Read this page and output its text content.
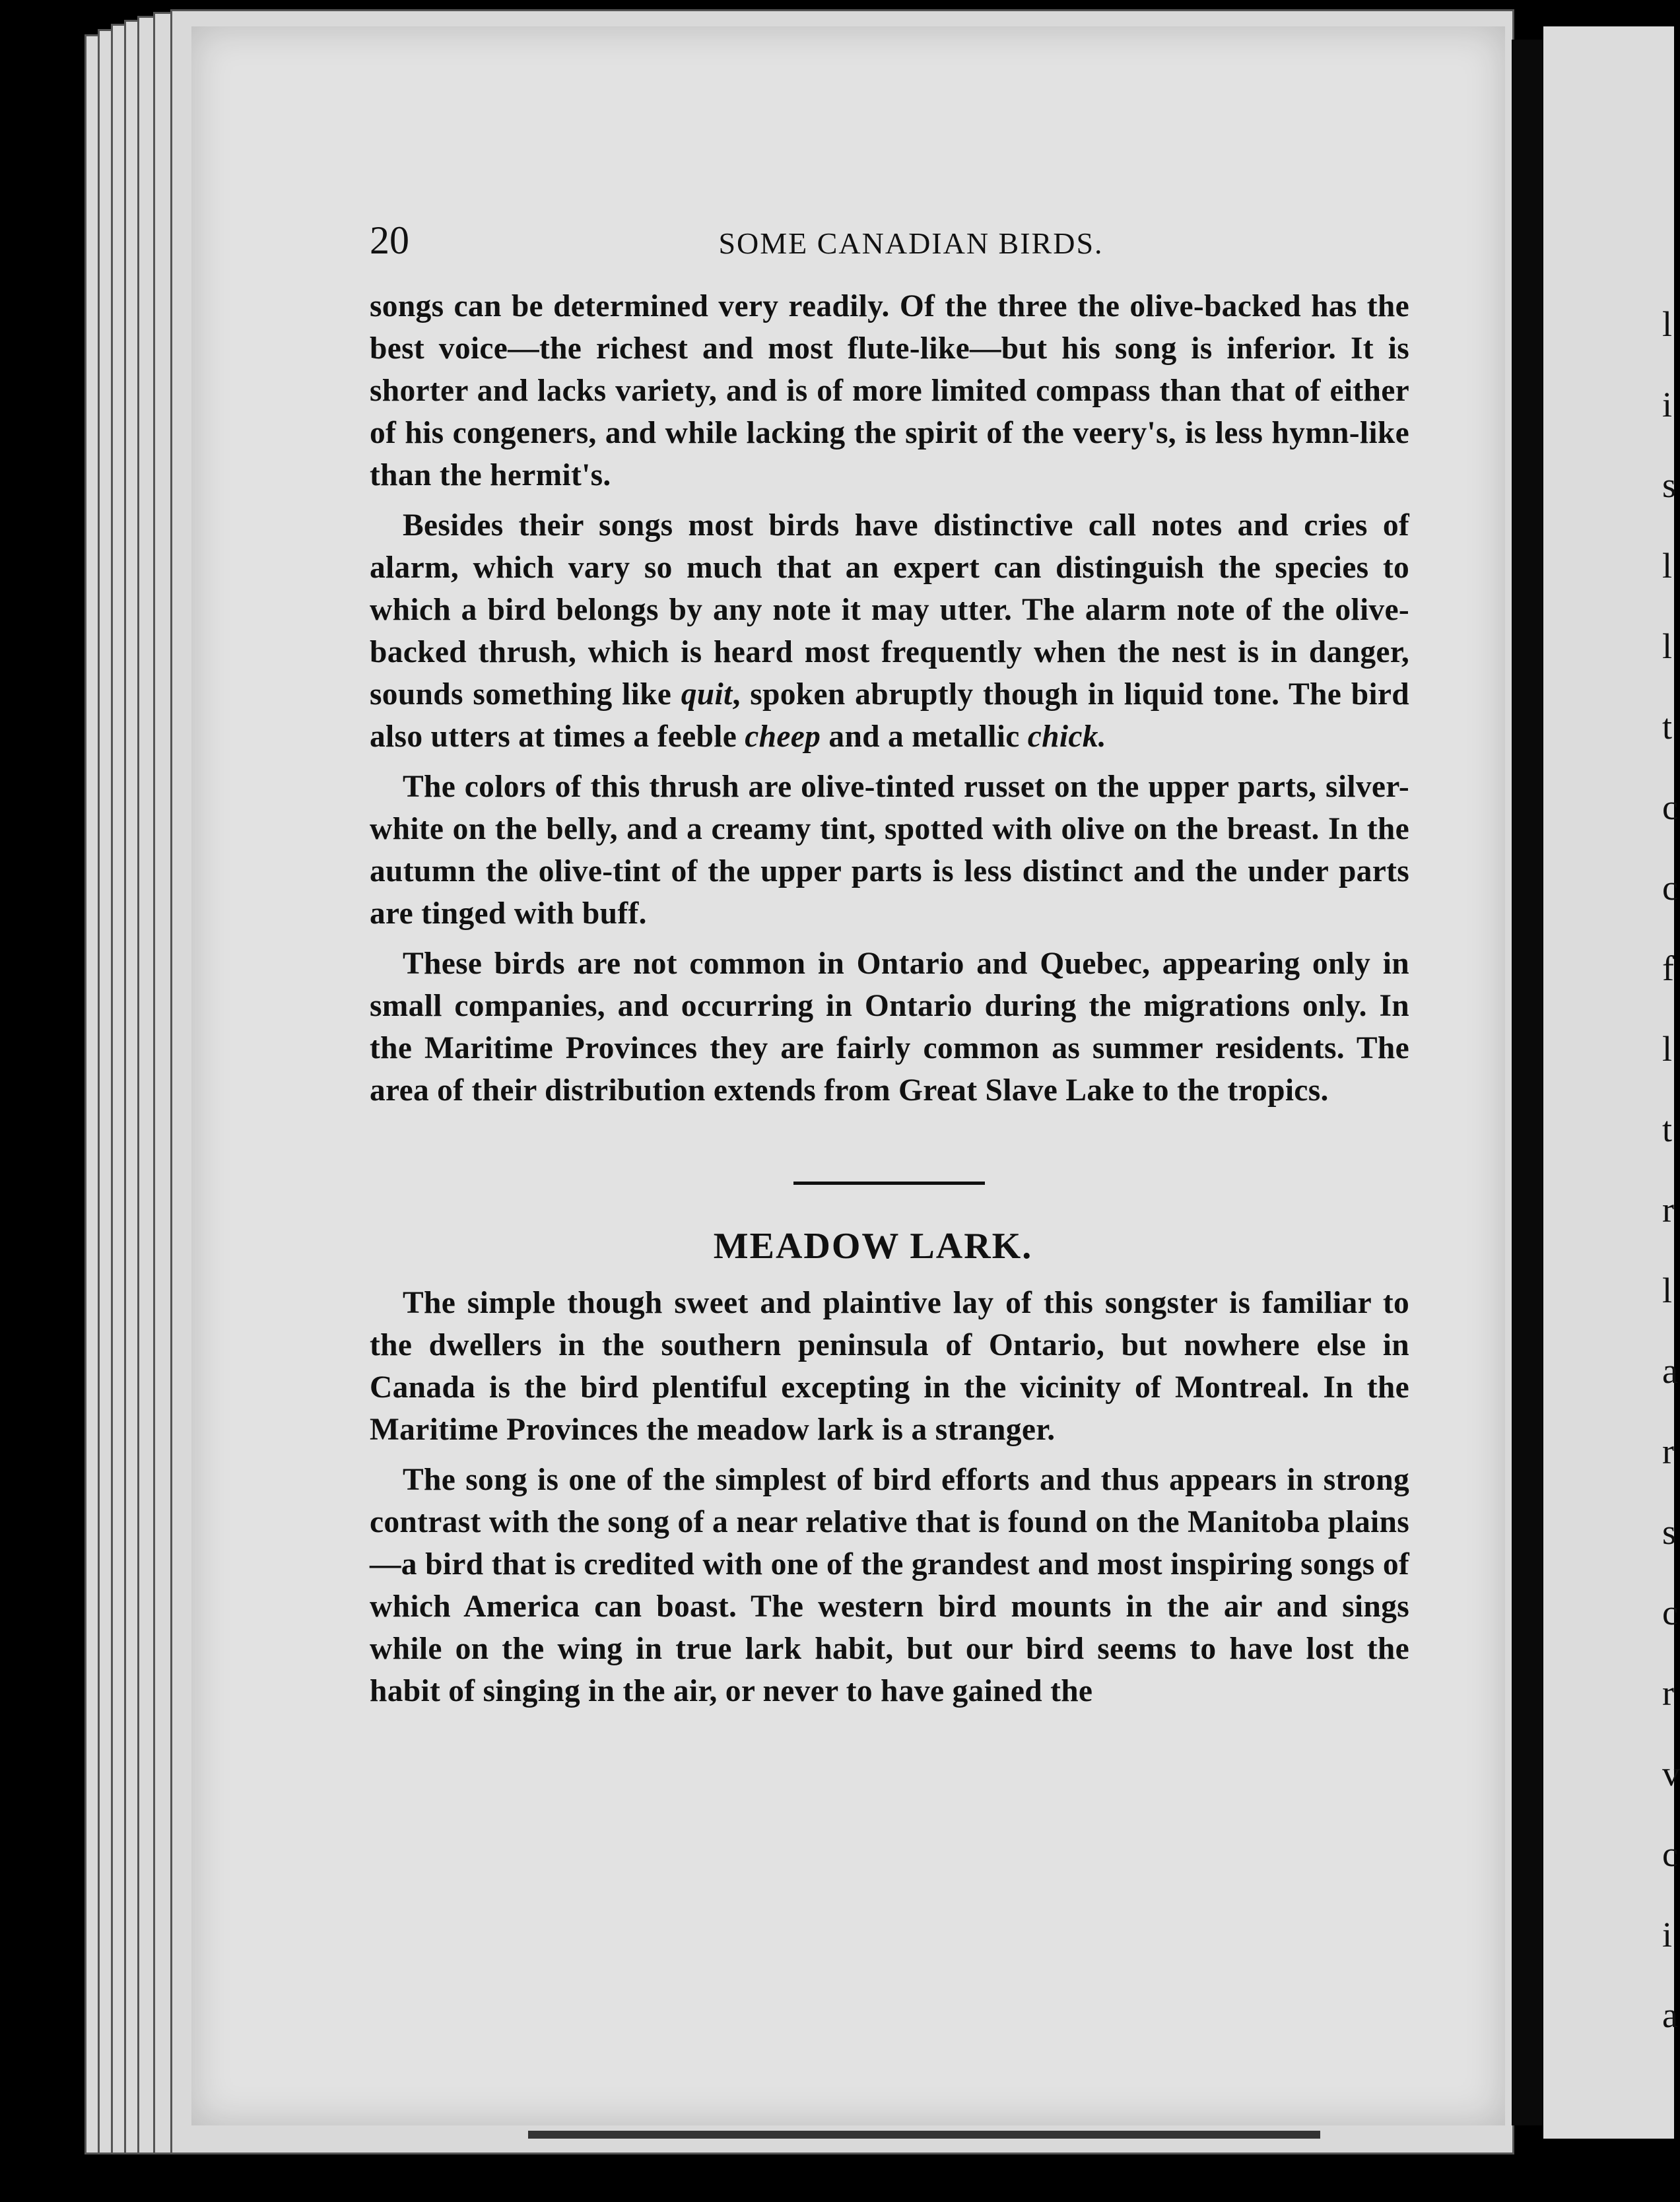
l
i
s
l
l
t
c
c
f
l
t
r
l
a
r
s
c
r
v
c
i
a
20	SOME CANADIAN BIRDS.

songs can be determined very readily. Of the three the olive-backed has the best voice—the richest and most flute-like—but his song is inferior. It is shorter and lacks variety, and is of more limited compass than that of either of his congeners, and while lacking the spirit of the veery's, is less hymn-like than the hermit's.

Besides their songs most birds have distinctive call notes and cries of alarm, which vary so much that an expert can distinguish the species to which a bird belongs by any note it may utter. The alarm note of the olive-backed thrush, which is heard most frequently when the nest is in danger, sounds something like quit, spoken abruptly though in liquid tone. The bird also utters at times a feeble cheep and a metallic chick.

The colors of this thrush are olive-tinted russet on the upper parts, silver-white on the belly, and a creamy tint, spotted with olive on the breast. In the autumn the olive-tint of the upper parts is less distinct and the under parts are tinged with buff.

These birds are not common in Ontario and Quebec, appearing only in small companies, and occurring in Ontario during the migrations only. In the Maritime Provinces they are fairly common as summer residents. The area of their distribution extends from Great Slave Lake to the tropics.

MEADOW LARK.

The simple though sweet and plaintive lay of this songster is familiar to the dwellers in the southern peninsula of Ontario, but nowhere else in Canada is the bird plentiful excepting in the vicinity of Montreal. In the Maritime Provinces the meadow lark is a stranger.

The song is one of the simplest of bird efforts and thus appears in strong contrast with the song of a near relative that is found on the Manitoba plains—a bird that is credited with one of the grandest and most inspiring songs of which America can boast. The western bird mounts in the air and sings while on the wing in true lark habit, but our bird seems to have lost the habit of singing in the air, or never to have gained the
